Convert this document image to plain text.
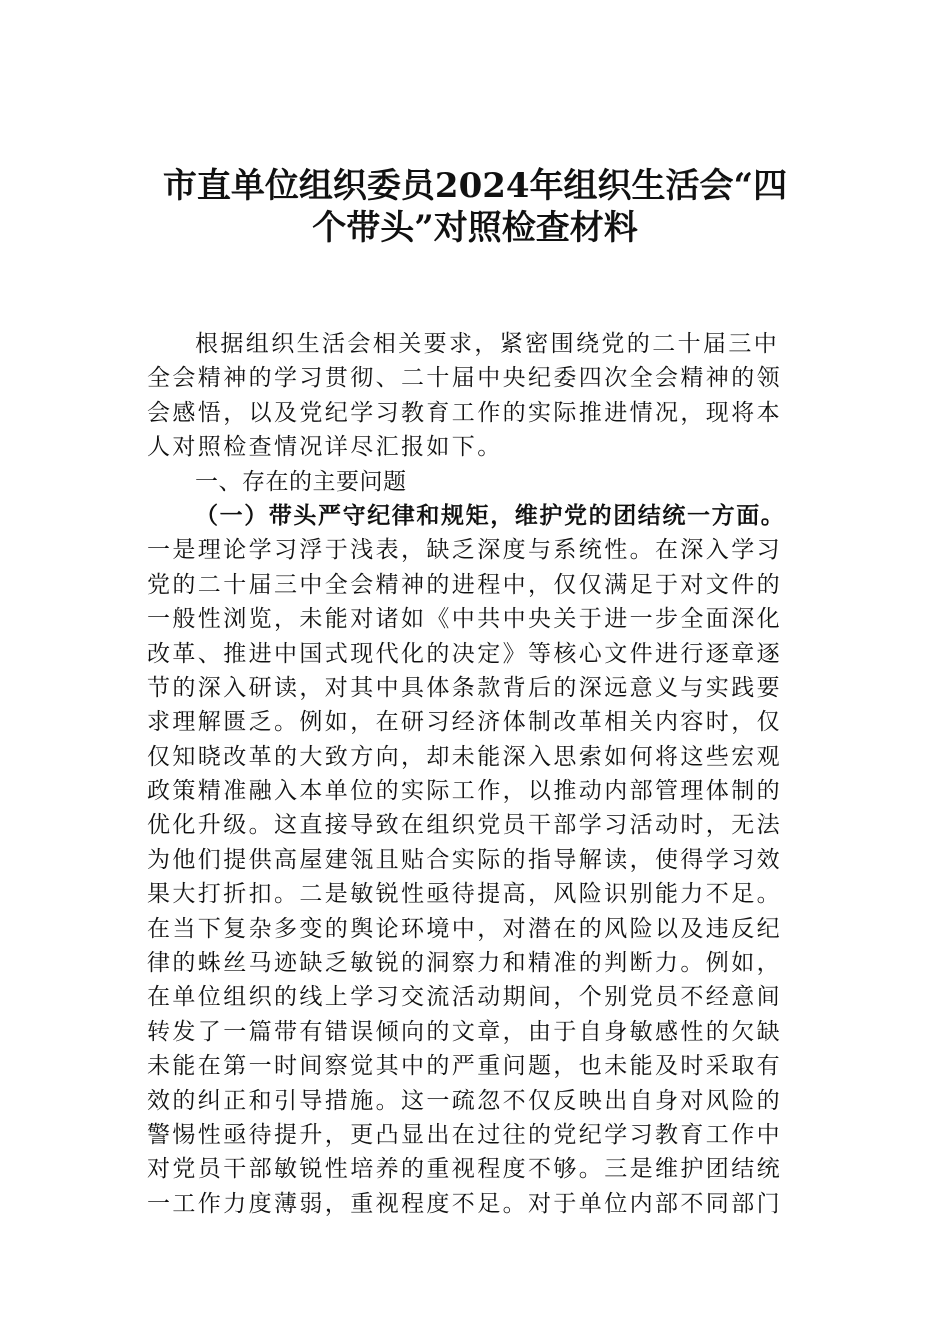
市直单位组织委员2024年组织生活会“四
个带头”对照检查材料
根据组织生活会相关要求，紧密围绕党的二十届三中
全会精神的学习贯彻、二十届中央纪委四次全会精神的领
会感悟，以及党纪学习教育工作的实际推进情况，现将本
人对照检查情况详尽汇报如下。
一、存在的主要问题
（一）带头严守纪律和规矩，维护党的团结统一方面。
一是理论学习浮于浅表，缺乏深度与系统性。在深入学习
党的二十届三中全会精神的进程中，仅仅满足于对文件的
一般性浏览，未能对诸如《中共中央关于进一步全面深化
改革、推进中国式现代化的决定》等核心文件进行逐章逐
节的深入研读，对其中具体条款背后的深远意义与实践要
求理解匮乏。例如，在研习经济体制改革相关内容时，仅
仅知晓改革的大致方向，却未能深入思索如何将这些宏观
政策精准融入本单位的实际工作，以推动内部管理体制的
优化升级。这直接导致在组织党员干部学习活动时，无法
为他们提供高屋建瓴且贴合实际的指导解读，使得学习效
果大打折扣。二是敏锐性亟待提高，风险识别能力不足。
在当下复杂多变的舆论环境中，对潜在的风险以及违反纪
律的蛛丝马迹缺乏敏锐的洞察力和精准的判断力。例如，
在单位组织的线上学习交流活动期间，个别党员不经意间
转发了一篇带有错误倾向的文章，由于自身敏感性的欠缺
未能在第一时间察觉其中的严重问题，也未能及时采取有
效的纠正和引导措施。这一疏忽不仅反映出自身对风险的
警惕性亟待提升，更凸显出在过往的党纪学习教育工作中
对党员干部敏锐性培养的重视程度不够。三是维护团结统
一工作力度薄弱，重视程度不足。对于单位内部不同部门
